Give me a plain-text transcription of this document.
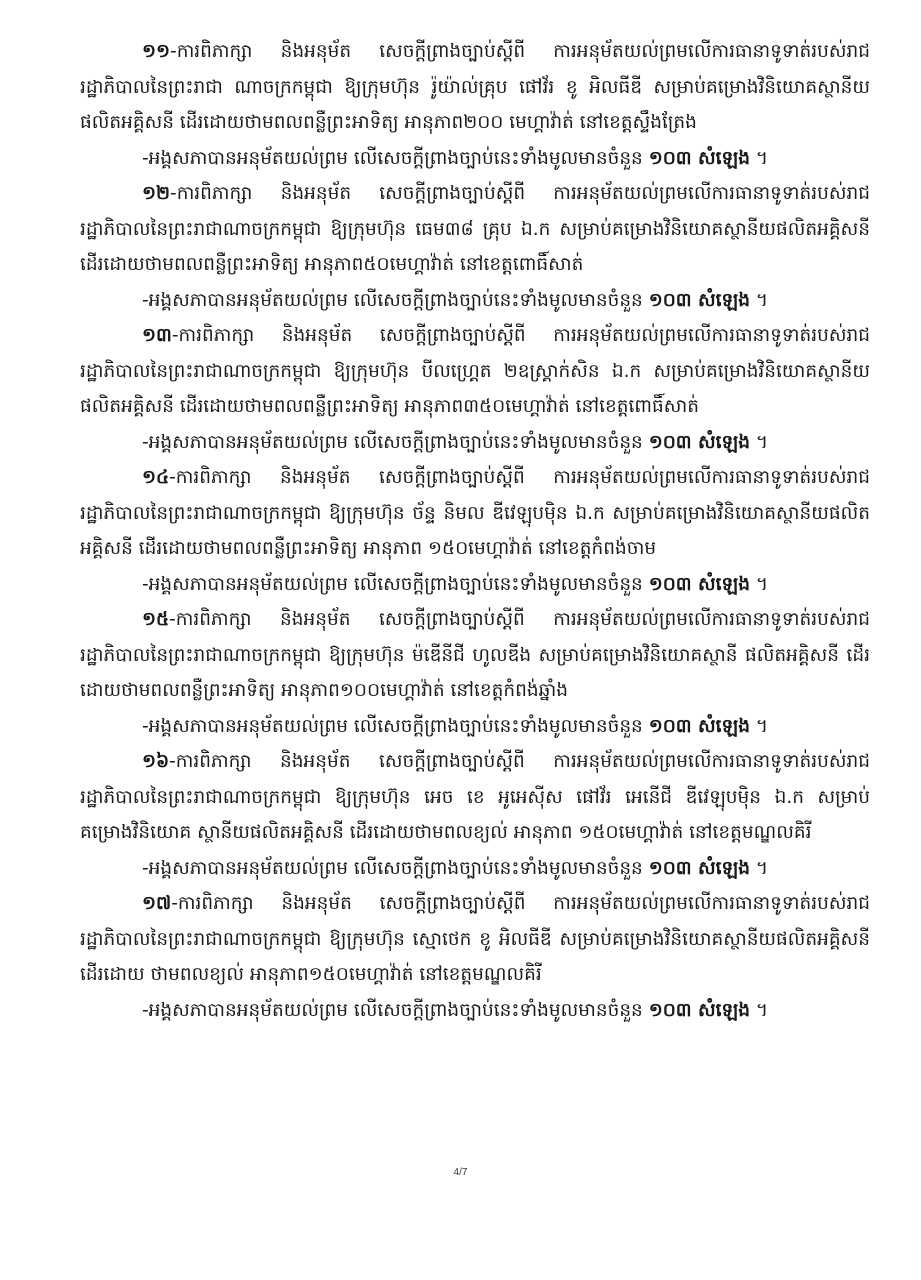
១១-ការពិភាក្សា និងអនុម័ត សេចក្ដីព្រាងច្បាប់ស្ដីពី ការអនុម័តយល់ព្រមលើការធានាទូទាត់របស់រាជរដ្ឋាភិបាលនៃព្រះរាជា ណាចក្រកម្ពុជា ឱ្យក្រុមហ៊ុន រ៉ូយ៉ាល់គ្រុប ផៅវ័រ ខូ អិលធីឌី សម្រាប់គម្រោងវិនិយោគស្ថានីយផលិតអគ្គិសនី ដើរដោយថាមពលពន្លឺព្រះអាទិត្យ អានុភាព២០០ មេហ្គាវ៉ាត់ នៅខេត្តស្ទឹងត្រែង

-អង្គសភាបានអនុម័តយល់ព្រម លើសេចក្ដីព្រាងច្បាប់នេះទាំងមូលមានចំនួន ១០៣ សំឡេង ។

១២-ការពិភាក្សា និងអនុម័ត សេចក្ដីព្រាងច្បាប់ស្ដីពី ការអនុម័តយល់ព្រមលើការធានាទូទាត់របស់រាជរដ្ឋាភិបាលនៃព្រះរាជាណាចក្រកម្ពុជា ឱ្យក្រុមហ៊ុន ធេម៣៨ គ្រុប ឯ.ក សម្រាប់គម្រោងវិនិយោគស្ថានីយផលិតអគ្គិសនី ដើរដោយថាមពលពន្លឺព្រះអាទិត្យ អានុភាព៥០មេហ្គាវ៉ាត់ នៅខេត្តពោធិ៍សាត់

-អង្គសភាបានអនុម័តយល់ព្រម លើសេចក្ដីព្រាងច្បាប់នេះទាំងមូលមានចំនួន ១០៣ សំឡេង ។

១៣-ការពិភាក្សា និងអនុម័ត សេចក្ដីព្រាងច្បាប់ស្ដីពី ការអនុម័តយល់ព្រមលើការធានាទូទាត់របស់រាជរដ្ឋាភិបាលនៃព្រះរាជាណាចក្រកម្ពុជា ឱ្យក្រុមហ៊ុន បីលហ្រ្គេត ២ឧស្គ្រាក់សិន ឯ.ក សម្រាប់គម្រោងវិនិយោគស្ថានីយផលិតអគ្គិសនី ដើរដោយថាមពលពន្លឺព្រះអាទិត្យ អានុភាព៣៥០មេហ្គាវ៉ាត់ នៅខេត្តពោធិ៍សាត់

-អង្គសភាបានអនុម័តយល់ព្រម លើសេចក្ដីព្រាងច្បាប់នេះទាំងមូលមានចំនួន ១០៣ សំឡេង ។

១៤-ការពិភាក្សា និងអនុម័ត សេចក្ដីព្រាងច្បាប់ស្ដីពី ការអនុម័តយល់ព្រមលើការធានាទូទាត់របស់រាជរដ្ឋាភិបាលនៃព្រះរាជាណាចក្រកម្ពុជា ឱ្យក្រុមហ៊ុន ច័ន្ទ និមល ឌីវេឡុបម៉ិន ឯ.ក សម្រាប់គម្រោងវិនិយោគស្ថានីយផលិតអគ្គិសនី ដើរដោយថាមពលពន្លឺព្រះអាទិត្យ អានុភាព ១៥០មេហ្គាវ៉ាត់ នៅខេត្តកំពង់ចាម

-អង្គសភាបានអនុម័តយល់ព្រម លើសេចក្ដីព្រាងច្បាប់នេះទាំងមូលមានចំនួន ១០៣ សំឡេង ។

១៥-ការពិភាក្សា និងអនុម័ត សេចក្ដីព្រាងច្បាប់ស្ដីពី ការអនុម័តយល់ព្រមលើការធានាទូទាត់របស់រាជរដ្ឋាភិបាលនៃព្រះរាជាណាចក្រកម្ពុជា ឱ្យក្រុមហ៊ុន ម៉ឌើនីជី ហូលឌីង សម្រាប់គម្រោងវិនិយោគស្ថានី ផលិតអគ្គិសនី ដើរដោយថាមពលពន្លឺព្រះអាទិត្យ អានុភាព១០០មេហ្គាវ៉ាត់ នៅខេត្តកំពង់ឆ្នាំង

-អង្គសភាបានអនុម័តយល់ព្រម លើសេចក្ដីព្រាងច្បាប់នេះទាំងមូលមានចំនួន ១០៣ សំឡេង ។

១៦-ការពិភាក្សា និងអនុម័ត សេចក្ដីព្រាងច្បាប់ស្ដីពី ការអនុម័តយល់ព្រមលើការធានាទូទាត់របស់រាជរដ្ឋាភិបាលនៃព្រះរាជាណាចក្រកម្ពុជា ឱ្យក្រុមហ៊ុន អេច ខេ អូអេស៊ីស ផៅវ័រ អេនើជី ឌីវេឡុបម៉ិន ឯ.ក សម្រាប់គម្រោងវិនិយោគ ស្ថានីយផលិតអគ្គិសនី ដើរដោយថាមពលខ្យល់ អានុភាព ១៥០មេហ្គាវ៉ាត់ នៅខេត្តមណ្ឌលគិរី

-អង្គសភាបានអនុម័តយល់ព្រម លើសេចក្ដីព្រាងច្បាប់នេះទាំងមូលមានចំនួន ១០៣ សំឡេង ។

១៧-ការពិភាក្សា និងអនុម័ត សេចក្ដីព្រាងច្បាប់ស្ដីពី ការអនុម័តយល់ព្រមលើការធានាទូទាត់របស់រាជរដ្ឋាភិបាលនៃព្រះរាជាណាចក្រកម្ពុជា ឱ្យក្រុមហ៊ុន ស្មោថេក ខូ អិលធីឌី សម្រាប់គម្រោងវិនិយោគស្ថានីយផលិតអគ្គិសនី ដើរដោយ ថាមពលខ្យល់ អានុភាព១៥០មេហ្គាវ៉ាត់ នៅខេត្តមណ្ឌលគិរី

-អង្គសភាបានអនុម័តយល់ព្រម លើសេចក្ដីព្រាងច្បាប់នេះទាំងមូលមានចំនួន ១០៣ សំឡេង ។

4/7
